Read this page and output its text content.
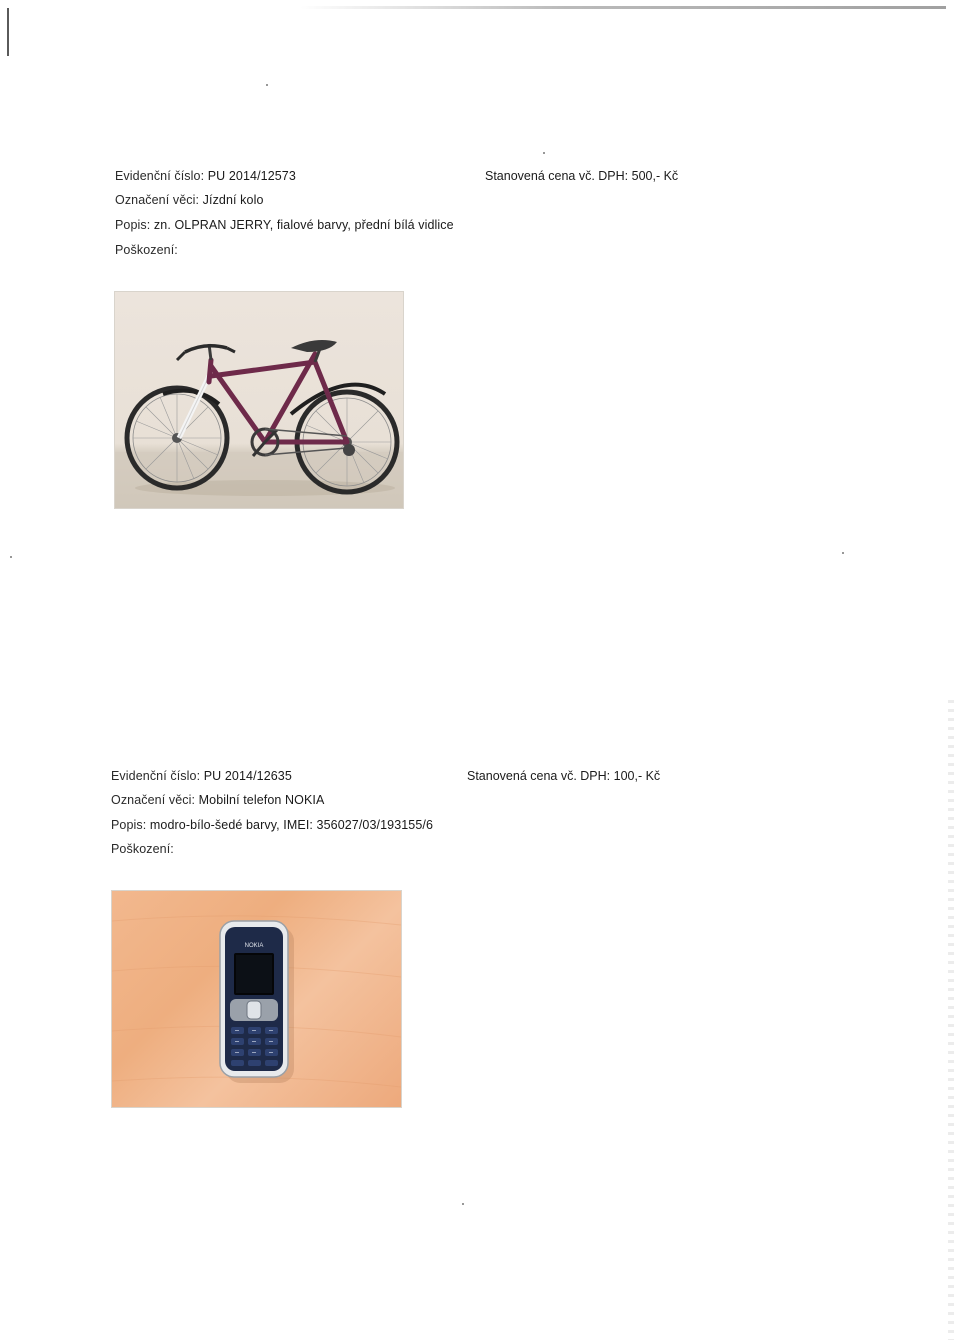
Evidenční číslo: PU 2014/12573	Stanovená cena vč. DPH: 500,- Kč
Označení věci: Jízdní kolo
Popis: zn. OLPRAN JERRY, fialové barvy, přední bílá vidlice
Poškození:
Evidenční číslo: PU 2014/12635	Stanovená cena vč. DPH: 100,- Kč
Označení věci: Mobilní telefon NOKIA
Popis: modro-bílo-šedé barvy, IMEI: 356027/03/193155/6
Poškození:
NOKIA
